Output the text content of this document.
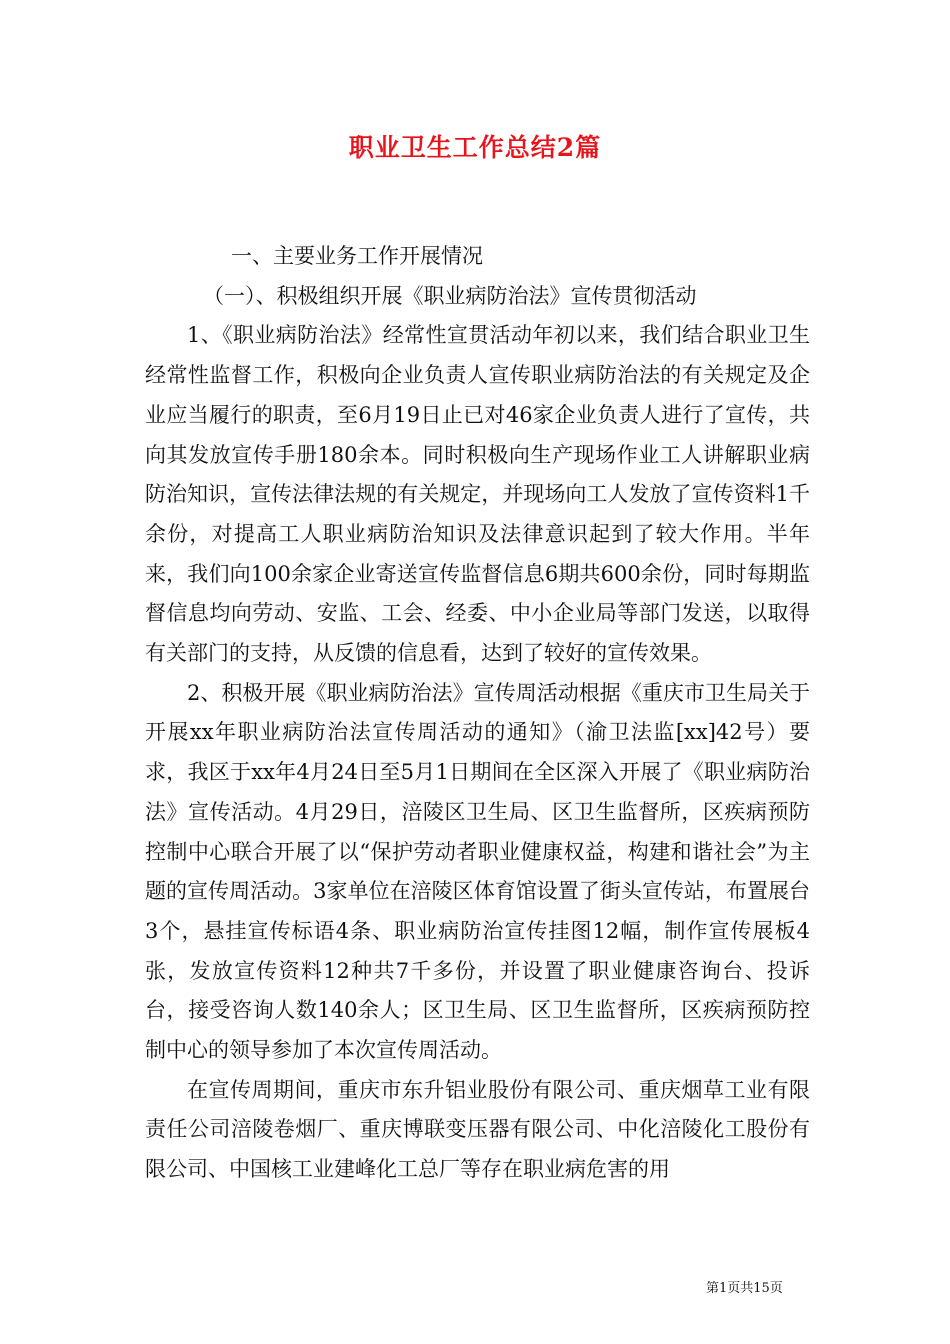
职业卫生工作总结2篇

一、主要业务工作开展情况

（一）、积极组织开展《职业病防治法》宣传贯彻活动

1、《职业病防治法》经常性宣贯活动年初以来，我们结合职业卫生经常性监督工作，积极向企业负责人宣传职业病防治法的有关规定及企业应当履行的职责，至6月19日止已对46家企业负责人进行了宣传，共向其发放宣传手册180余本。同时积极向生产现场作业工人讲解职业病防治知识，宣传法律法规的有关规定，并现场向工人发放了宣传资料1千余份，对提高工人职业病防治知识及法律意识起到了较大作用。半年来，我们向100余家企业寄送宣传监督信息6期共600余份，同时每期监督信息均向劳动、安监、工会、经委、中小企业局等部门发送，以取得有关部门的支持，从反馈的信息看，达到了较好的宣传效果。

2、积极开展《职业病防治法》宣传周活动根据《重庆市卫生局关于开展xx年职业病防治法宣传周活动的通知》（渝卫法监[xx]42号）要求，我区于xx年4月24日至5月1日期间在全区深入开展了《职业病防治法》宣传活动。4月29日，涪陵区卫生局、区卫生监督所，区疾病预防控制中心联合开展了以“保护劳动者职业健康权益，构建和谐社会”为主题的宣传周活动。3家单位在涪陵区体育馆设置了街头宣传站，布置展台3个，悬挂宣传标语4条、职业病防治宣传挂图12幅，制作宣传展板4张，发放宣传资料12种共7千多份，并设置了职业健康咨询台、投诉台，接受咨询人数140余人；区卫生局、区卫生监督所，区疾病预防控制中心的领导参加了本次宣传周活动。

在宣传周期间，重庆市东升铝业股份有限公司、重庆烟草工业有限责任公司涪陵卷烟厂、重庆博联变压器有限公司、中化涪陵化工股份有限公司、中国核工业建峰化工总厂等存在职业病危害的用

第1页共15页
